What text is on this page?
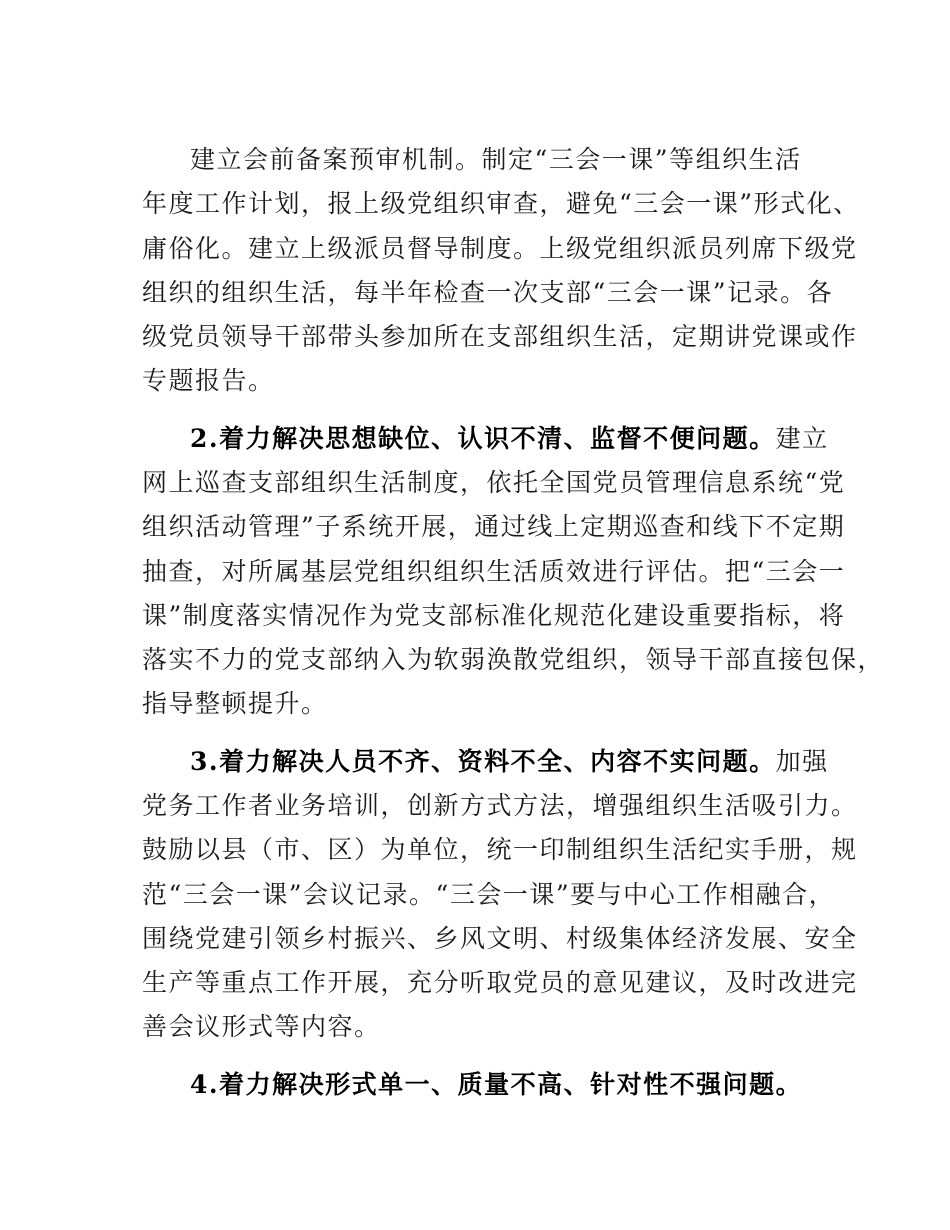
建立会前备案预审机制。制定“三会一课”等组织生活
年度工作计划，报上级党组织审查，避免“三会一课”形式化、
庸俗化。建立上级派员督导制度。上级党组织派员列席下级党
组织的组织生活，每半年检查一次支部“三会一课”记录。各
级党员领导干部带头参加所在支部组织生活，定期讲党课或作
专题报告。
2.着力解决思想缺位、认识不清、监督不便问题。建立
网上巡查支部组织生活制度，依托全国党员管理信息系统“党
组织活动管理”子系统开展，通过线上定期巡查和线下不定期
抽查，对所属基层党组织组织生活质效进行评估。把“三会一
课”制度落实情况作为党支部标准化规范化建设重要指标，将
落实不力的党支部纳入为软弱涣散党组织，领导干部直接包保，
指导整顿提升。
3.着力解决人员不齐、资料不全、内容不实问题。加强
党务工作者业务培训，创新方式方法，增强组织生活吸引力。
鼓励以县（市、区）为单位，统一印制组织生活纪实手册，规
范“三会一课”会议记录。“三会一课”要与中心工作相融合，
围绕党建引领乡村振兴、乡风文明、村级集体经济发展、安全
生产等重点工作开展，充分听取党员的意见建议，及时改进完
善会议形式等内容。
4.着力解决形式单一、质量不高、针对性不强问题。
